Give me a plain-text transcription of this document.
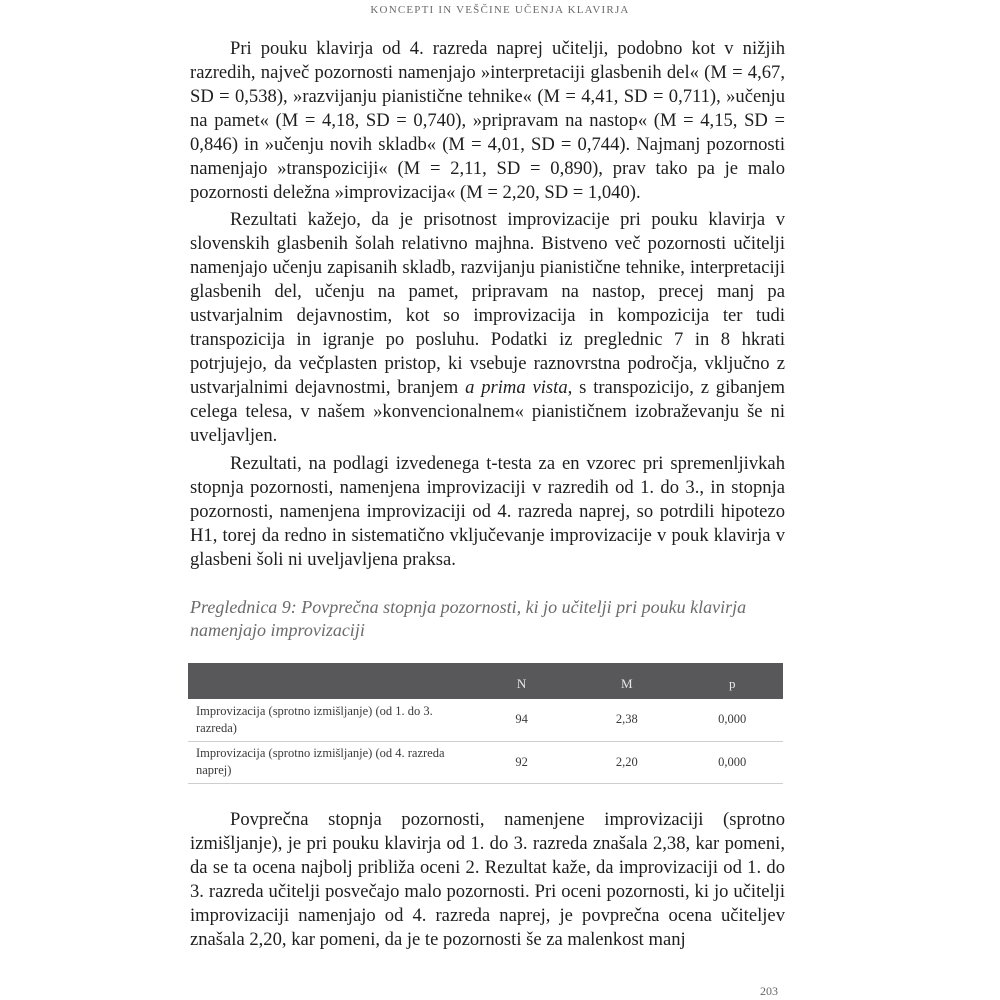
KONCEPTI IN VEŠČINE UČENJA KLAVIRJA

Pri pouku klavirja od 4. razreda naprej učitelji, podobno kot v nižjih razredih, največ pozornosti namenjajo »interpretaciji glasbenih del« (M = 4,67, SD = 0,538), »razvijanju pianistične tehnike« (M = 4,41, SD = 0,711), »učenju na pamet« (M = 4,18, SD = 0,740), »pripravam na nastop« (M = 4,15, SD = 0,846) in »učenju novih skladb« (M = 4,01, SD = 0,744). Najmanj pozornosti namenjajo »transpoziciji« (M = 2,11, SD = 0,890), prav tako pa je malo pozornosti deležna »improvizacija« (M = 2,20, SD = 1,040).

Rezultati kažejo, da je prisotnost improvizacije pri pouku klavirja v slovenskih glasbenih šolah relativno majhna. Bistveno več pozornosti učitelji namenjajo učenju zapisanih skladb, razvijanju pianistične tehnike, interpretaciji glasbenih del, učenju na pamet, pripravam na nastop, precej manj pa ustvarjalnim dejavnostim, kot so improvizacija in kompozicija ter tudi transpozicija in igranje po posluhu. Podatki iz preglednic 7 in 8 hkrati potrjujejo, da večplasten pristop, ki vsebuje raznovrstna področja, vključno z ustvarjalnimi dejavnostmi, branjem a prima vista, s transpozicijo, z gibanjem celega telesa, v našem »konvencionalnem« pianističnem izobraževanju še ni uveljavljen.

Rezultati, na podlagi izvedenega t-testa za en vzorec pri spremenljivkah stopnja pozornosti, namenjena improvizaciji v razredih od 1. do 3., in stopnja pozornosti, namenjena improvizaciji od 4. razreda naprej, so potrdili hipotezo H1, torej da redno in sistematično vključevanje improvizacije v pouk klavirja v glasbeni šoli ni uveljavljena praksa.

Preglednica 9: Povprečna stopnja pozornosti, ki jo učitelji pri pouku klavirja namenjajo improvizaciji
	N	M	p
Improvizacija (sprotno izmišljanje) (od 1. do 3. razreda)	94	2,38	0,000
Improvizacija (sprotno izmišljanje) (od 4. razreda naprej)	92	2,20	0,000

Povprečna stopnja pozornosti, namenjene improvizaciji (sprotno izmišljanje), je pri pouku klavirja od 1. do 3. razreda znašala 2,38, kar pomeni, da se ta ocena najbolj približa oceni 2. Rezultat kaže, da improvizaciji od 1. do 3. razreda učitelji posvečajo malo pozornosti. Pri oceni pozornosti, ki jo učitelji improvizaciji namenjajo od 4. razreda naprej, je povprečna ocena učiteljev znašala 2,20, kar pomeni, da je te pozornosti še za malenkost manj

203
